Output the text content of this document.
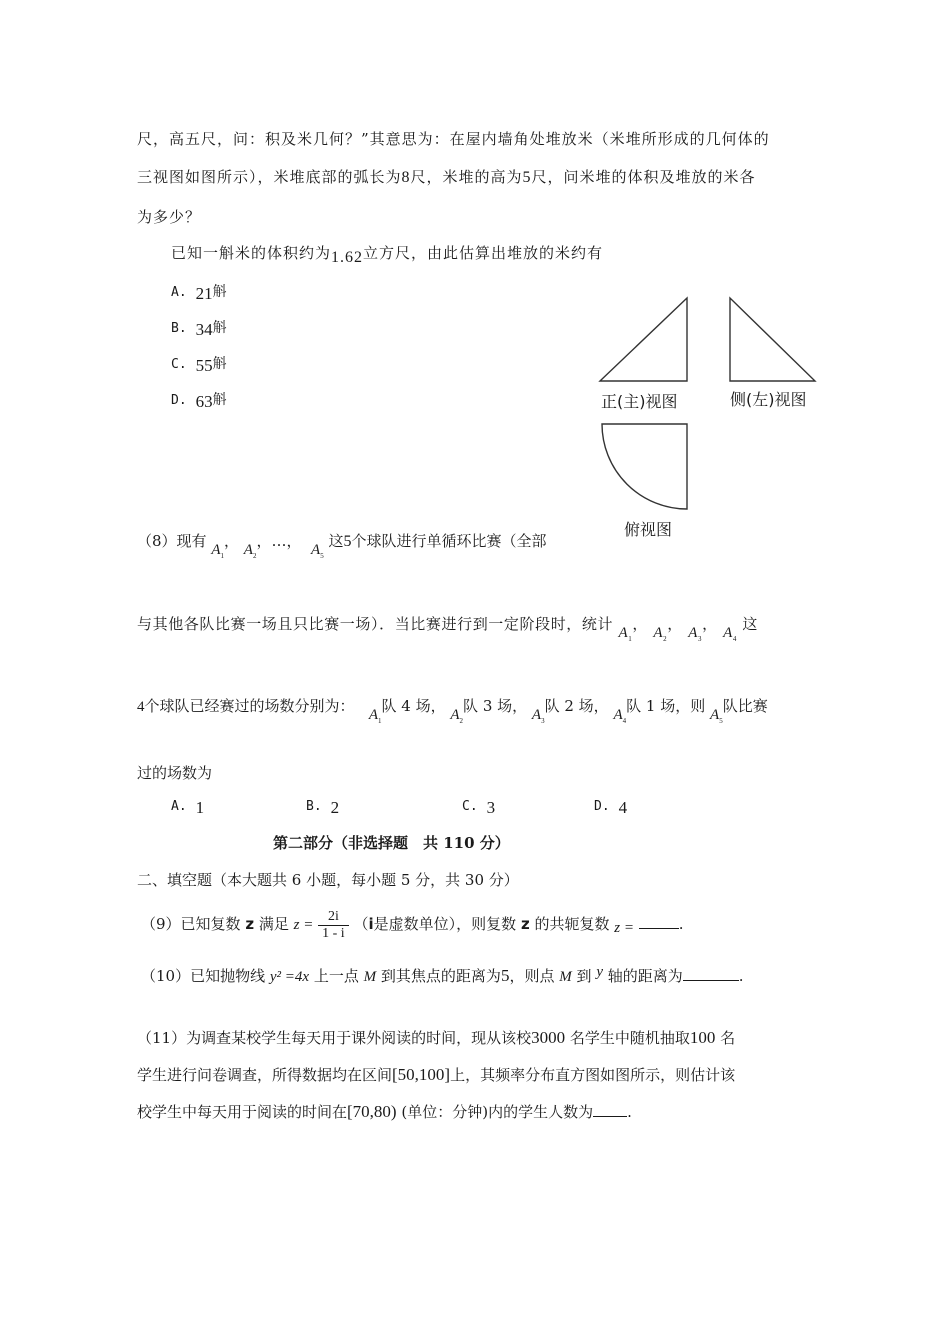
尺，高五尺，问：积及米几何？”其意思为：在屋内墙角处堆放米（米堆所形成的几何体的
三视图如图所示），米堆底部的弧长为8尺，米堆的高为5尺，问米堆的体积及堆放的米各
为多少？
已知一斛米的体积约为1.62立方尺，由此估算出堆放的米约有
A. 21斛
B. 34斛
C. 55斛
D. 63斛	正(主)视图	侧(左)视图
俯视图
（8）现有 $A_1$， $A_2$，…， $A_5$ 这5个球队进行单循环比赛（全部
与其他各队比赛一场且只比赛一场）．当比赛进行到一定阶段时，统计 $A_1$， $A_2$， $A_3$， $A_4$ 这
4个球队已经赛过的场数分别为： $A_1$队 4 场， $A_2$队 3 场， $A_3$队 2 场， $A_4$队 1 场，则 $A_5$队比赛
过的场数为
A. 1	B. 2	C. 3	D. 4
第二部分（非选择题　共 110 分）
二、填空题（本大题共 6 小题，每小题 5 分，共 30 分）
（9）已知复数 z 满足 $z = \frac{2i}{1 - i} (i$是虚数单位），则复数 z 的共轭复数 z =	.
（10）已知抛物线 y² =4x 上一点 M 到其焦点的距离为5，则点 M 到 y 轴的距离为	.
（11）为调查某校学生每天用于课外阅读的时间，现从该校3000 名学生中随机抽取100 名
学生进行问卷调查，所得数据均在区间[50,100]上，其频率分布直方图如图所示，则估计该
校学生中每天用于阅读的时间在[70,80) (单位：分钟)内的学生人数为 .
